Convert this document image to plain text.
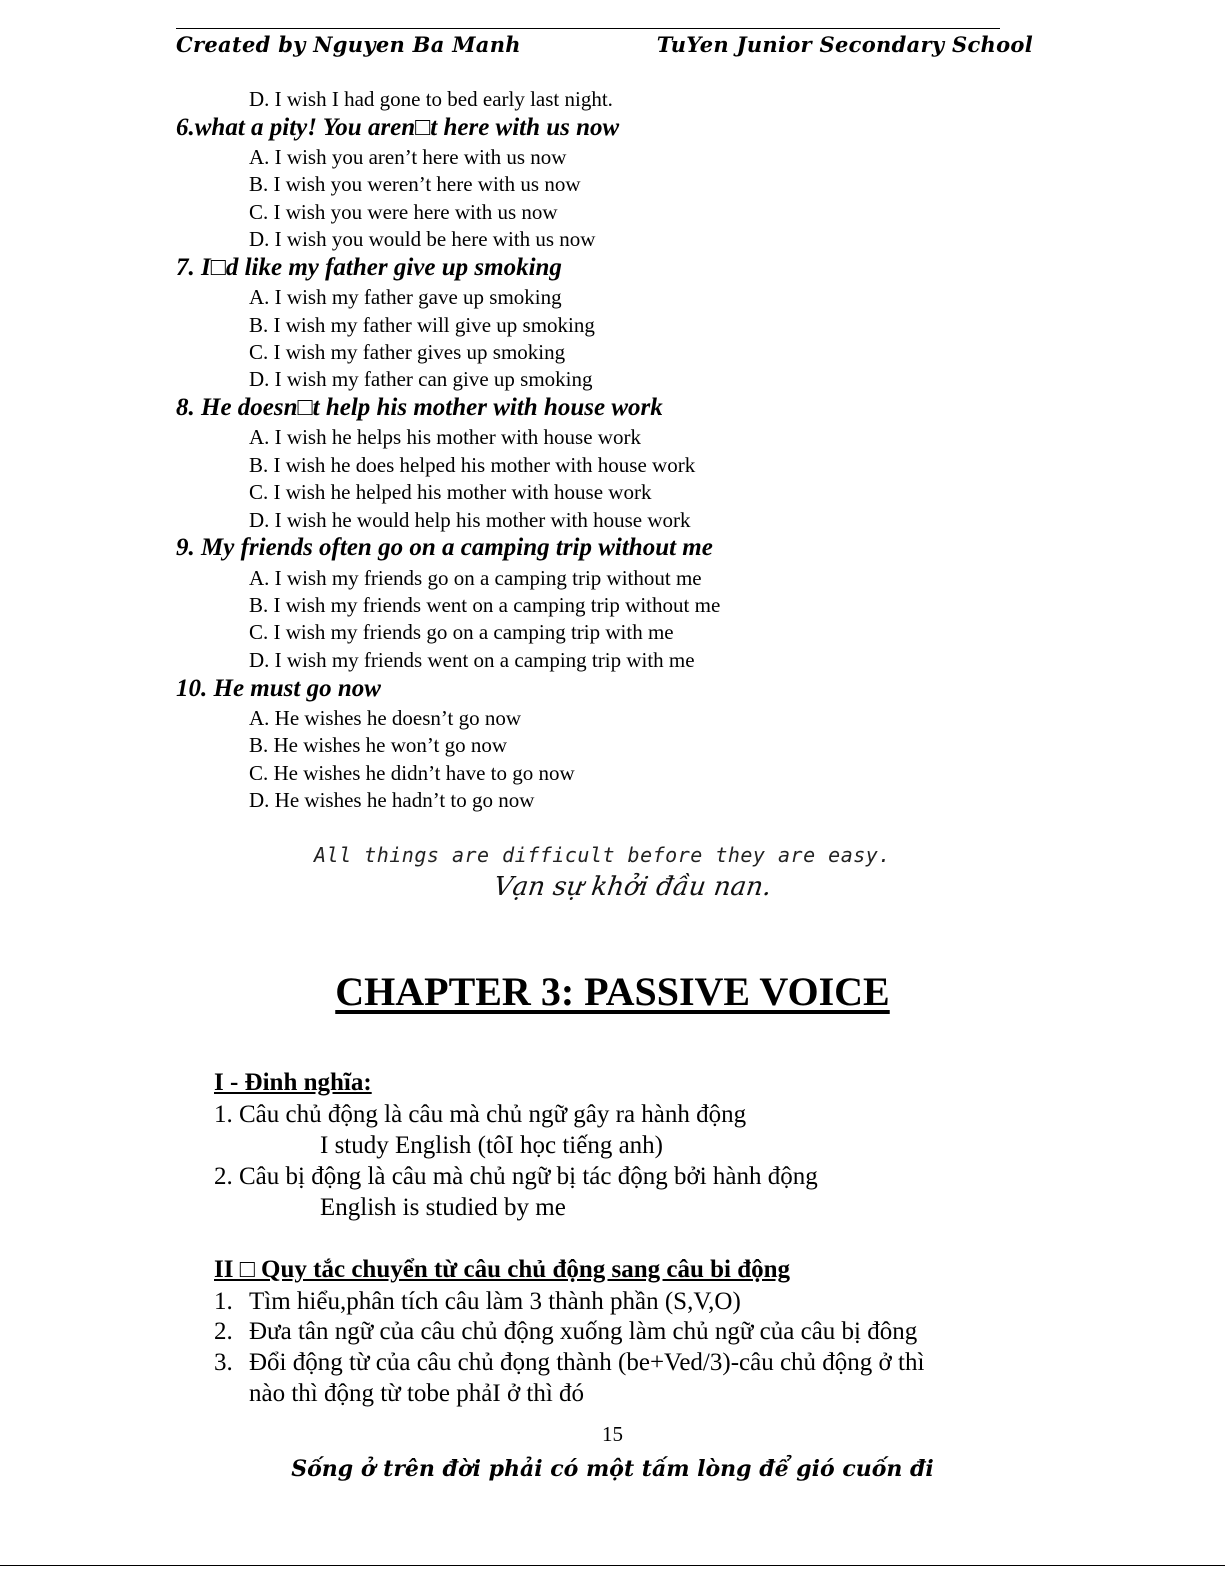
Created by Nguyen Ba Manh	TuYen Junior Secondary School
D. I wish I had gone to bed early last night.
6.what a pity! You aren□t here with us now
A. I wish you aren’t here with us now
B. I wish you weren’t here with us now
C. I wish you were here with us now
D. I wish you would be here with us now
7. I□d like my father give up smoking
A. I wish my father gave up smoking
B. I wish my father will give up smoking
C. I wish my father gives up smoking
D. I wish my father can give up smoking
8. He doesn□t help his mother with house work
A. I wish he helps his mother with house work
B. I wish he does helped his mother with house work
C. I wish he helped his mother with house work
D. I wish he would help his mother with house work
9. My friends often go on a camping trip without me
A. I wish my friends go on a camping trip without me
B. I wish my friends went on a camping trip without me
C. I wish my friends go on a camping trip with me
D. I wish my friends went on a camping trip with me
10. He must go now
A. He wishes he doesn’t go now
B. He wishes he won’t go now
C. He wishes he didn’t have to go now
D. He wishes he hadn’t to go now
All things are difficult before they are easy.
Vạn sự khởi đầu nan.
CHAPTER 3: PASSIVE VOICE
I - Đinh nghĩa:
1. Câu chủ động là câu mà chủ ngữ gây ra hành động
I study English (tôI học tiếng anh)
2. Câu bị động là câu mà chủ ngữ bị tác động bởi hành động
English is studied by me
II □ Quy tắc chuyển từ câu chủ động sang câu bi động
1. Tìm hiểu,phân tích câu làm 3 thành phần (S,V,O)
2. Đưa tân ngữ của câu chủ động xuống làm chủ ngữ của câu bị đông
3. Đổi động từ của câu chủ đọng thành (be+Ved/3)-câu chủ động ở thì
nào thì động từ tobe phảI ở thì đó
15
Sống ở trên đời phải có một tấm lòng để gió cuốn đi
